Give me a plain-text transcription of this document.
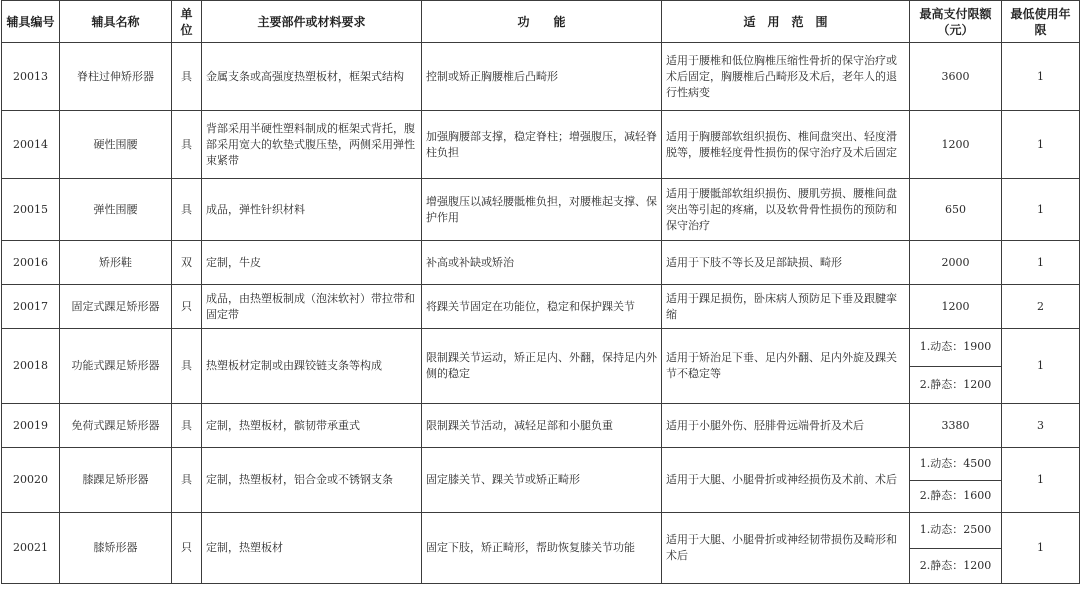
辅具编号	辅具名称	单位	主要部件或材料要求	功　　能	适　用　范　围	最高支付限额（元）	最低使用年限
20013	脊柱过伸矫形器	具	金属支条或高强度热塑板材，框架式结构	控制或矫正胸腰椎后凸畸形	适用于腰椎和低位胸椎压缩性骨折的保守治疗或术后固定，胸腰椎后凸畸形及术后，老年人的退行性病变	3600	1
20014	硬性围腰	具	背部采用半硬性塑料制成的框架式背托，腹部采用宽大的软垫式腹压垫，两侧采用弹性束紧带	加强胸腰部支撑，稳定脊柱；增强腹压，减轻脊柱负担	适用于胸腰部软组织损伤、椎间盘突出、轻度滑脱等，腰椎轻度骨性损伤的保守治疗及术后固定	1200	1
20015	弹性围腰	具	成品，弹性针织材料	增强腹压以减轻腰骶椎负担，对腰椎起支撑、保护作用	适用于腰骶部软组织损伤、腰肌劳损、腰椎间盘突出等引起的疼痛，以及软骨骨性损伤的预防和保守治疗	650	1
20016	矫形鞋	双	定制，牛皮	补高或补缺或矫治	适用于下肢不等长及足部缺损、畸形	2000	1
20017	固定式踝足矫形器	只	成品，由热塑板制成（泡沫软衬）带拉带和固定带	将踝关节固定在功能位，稳定和保护踝关节	适用于踝足损伤，卧床病人预防足下垂及跟腱挛缩	1200	2
20018	功能式踝足矫形器	具	热塑板材定制或由踝铰链支条等构成	限制踝关节运动，矫正足内、外翻，保持足内外侧的稳定	适用于矫治足下垂、足内外翻、足内外旋及踝关节不稳定等	1.动态：1900
2.静态：1200	1
20019	免荷式踝足矫形器	具	定制，热塑板材，髌韧带承重式	限制踝关节活动，减轻足部和小腿负重	适用于小腿外伤、胫腓骨远端骨折及术后	3380	3
20020	膝踝足矫形器	具	定制，热塑板材，铝合金或不锈钢支条	固定膝关节、踝关节或矫正畸形	适用于大腿、小腿骨折或神经损伤及术前、术后	1.动态：4500
2.静态：1600	1
20021	膝矫形器	只	定制，热塑板材	固定下肢，矫正畸形，帮助恢复膝关节功能	适用于大腿、小腿骨折或神经韧带损伤及畸形和术后	1.动态：2500
2.静态：1200	1
